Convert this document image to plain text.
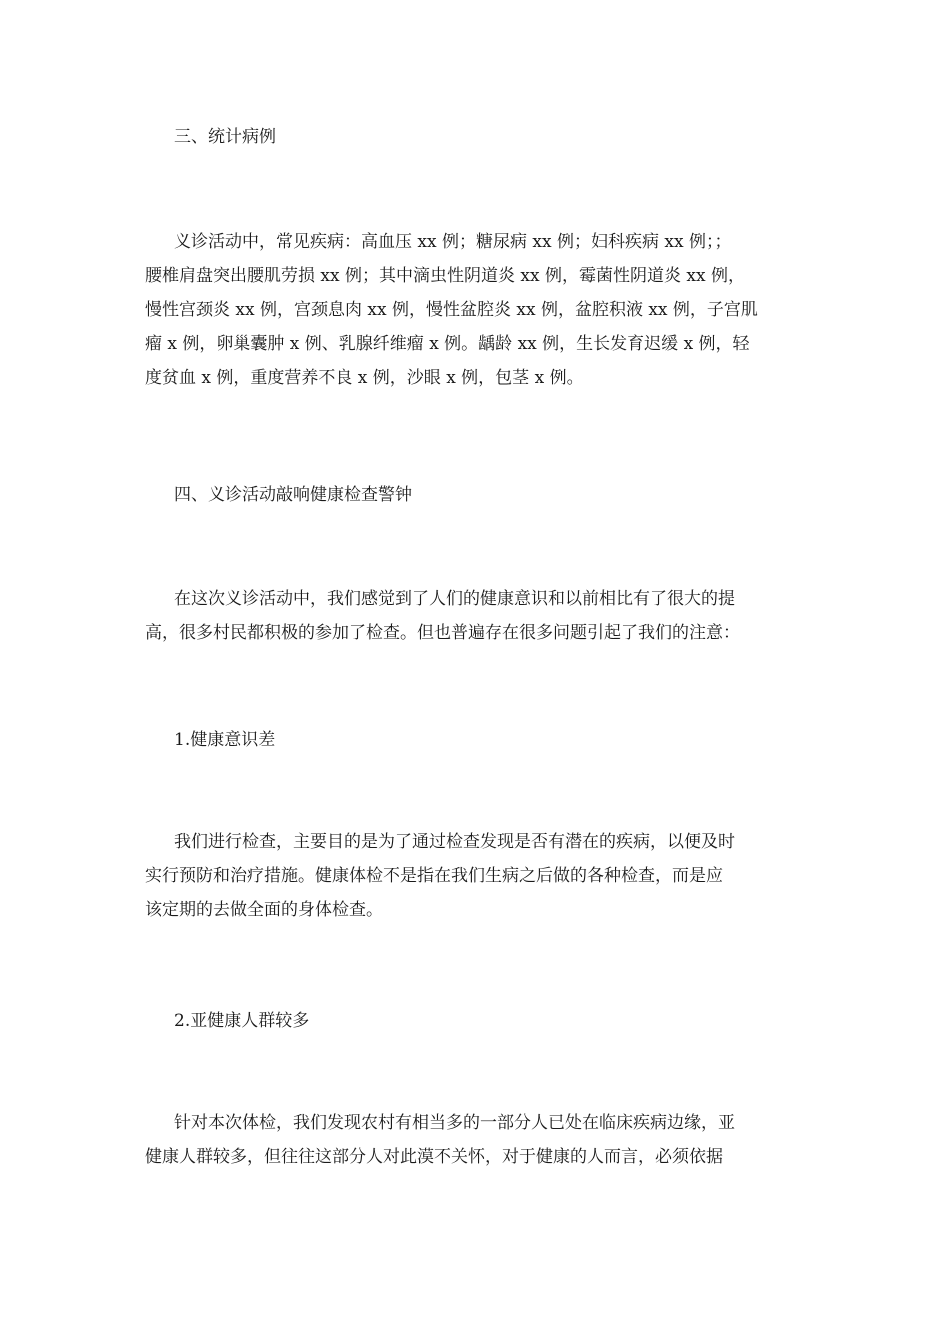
三、统计病例
义诊活动中，常见疾病：高血压 xx 例；糖尿病 xx 例；妇科疾病 xx 例；；
腰椎肩盘突出腰肌劳损 xx 例；其中滴虫性阴道炎 xx 例，霉菌性阴道炎 xx 例，
慢性宫颈炎 xx 例，宫颈息肉 xx 例，慢性盆腔炎 xx 例，盆腔积液 xx 例，子宫肌
瘤 x 例，卵巢囊肿 x 例、乳腺纤维瘤 x 例。龋龄 xx 例，生长发育迟缓 x 例，轻
度贫血 x 例，重度营养不良 x 例，沙眼 x 例，包茎 x 例。
四、义诊活动敲响健康检查警钟
在这次义诊活动中，我们感觉到了人们的健康意识和以前相比有了很大的提
高，很多村民都积极的参加了检查。但也普遍存在很多问题引起了我们的注意：
1.健康意识差
我们进行检查，主要目的是为了通过检查发现是否有潜在的疾病，以便及时
实行预防和治疗措施。健康体检不是指在我们生病之后做的各种检查，而是应
该定期的去做全面的身体检查。
2.亚健康人群较多
针对本次体检，我们发现农村有相当多的一部分人已处在临床疾病边缘，亚
健康人群较多，但往往这部分人对此漠不关怀，对于健康的人而言，必须依据
